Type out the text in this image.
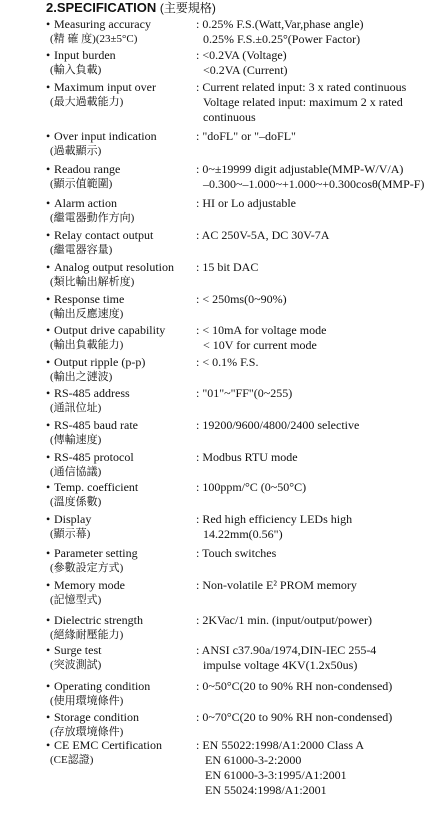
2.SPECIFICATION (主要規格)
• Measuring accuracy
(精 確 度)(23±5°C)
: 0.25% F.S.(Watt,Var,phase angle)
0.25% F.S.±0.25°(Power Factor)
• Input burden
(輸入負載)
: <0.2VA (Voltage)
<0.2VA (Current)
• Maximum input over
(最大過載能力)
: Current related input: 3 x rated continuous
Voltage related input: maximum 2 x rated
continuous
• Over input indication
(過載顯示)
: "doFL" or "–doFL"
• Readou range
(顯示值範圍)
: 0~±19999 digit adjustable(MMP-W/V/A)
–0.300~–1.000~+1.000~+0.300cosθ(MMP-F)
• Alarm action
(繼電器動作方向)
: HI or Lo adjustable
• Relay contact output
(繼電器容量)
: AC 250V-5A, DC 30V-7A
• Analog output resolution
(類比輸出解析度)
: 15 bit DAC
• Response time
(輸出反應速度)
: < 250ms(0~90%)
• Output drive capability
(輸出負載能力)
: < 10mA for voltage mode
< 10V for current mode
• Output ripple (p-p)
(輸出之漣波)
: < 0.1% F.S.
• RS-485 address
(通訊位址)
: "01"~"FF"(0~255)
• RS-485 baud rate
(傳輸速度)
: 19200/9600/4800/2400 selective
• RS-485 protocol
(通信協議)
: Modbus RTU mode
• Temp. coefficient
(溫度係數)
: 100ppm/°C (0~50°C)
• Display
(顯示幕)
: Red high efficiency LEDs high
14.22mm(0.56")
• Parameter setting
(參數設定方式)
: Touch switches
• Memory mode
(記憶型式)
: Non-volatile E² PROM memory
• Dielectric strength
(絕緣耐壓能力)
: 2KVac/1 min. (input/output/power)
• Surge test
(突波測試)
: ANSI c37.90a/1974,DIN-IEC 255-4
impulse voltage 4KV(1.2x50us)
• Operating condition
(使用環境條件)
: 0~50°C(20 to 90% RH non-condensed)
• Storage condition
(存放環境條件)
: 0~70°C(20 to 90% RH non-condensed)
• CE EMC Certification
(CE認證)
: EN 55022:1998/A1:2000 Class A
EN 61000-3-2:2000
EN 61000-3-3:1995/A1:2001
EN 55024:1998/A1:2001
